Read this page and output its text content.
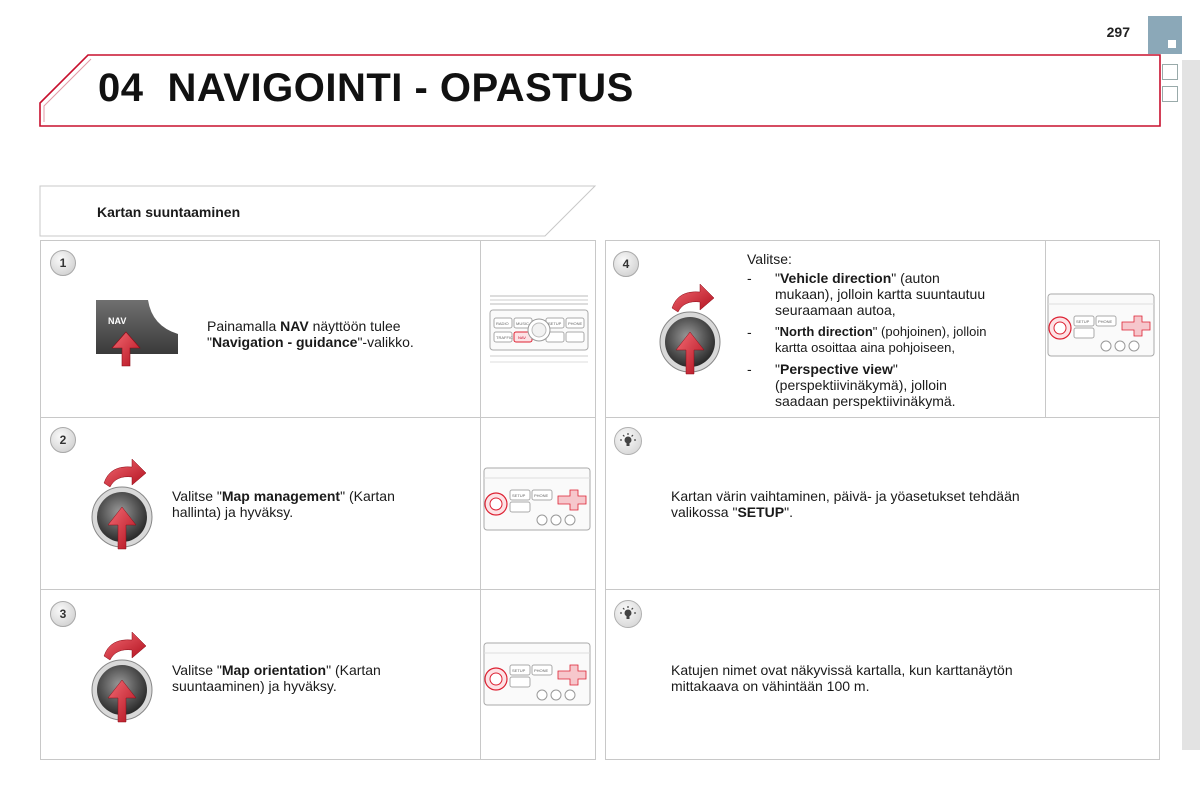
297
04 NAVIGOINTI - OPASTUS
Kartan suuntaaminen
1
2
3
4
NAV	Painamalla NAV näyttöön tulee
"Navigation - guidance"-valikko.
RADIO MUSIC	SETUP PHONE
TRAFFIC NAV
Valitse "Map management" (Kartan
hallinta) ja hyväksy.
Valitse "Map orientation" (Kartan
suuntaaminen) ja hyväksy.
SETUP PHONE
SETUP PHONE
SETUP PHONE
Valitse:
- "Vehicle direction" (auton
mukaan), jolloin kartta suuntautuu
seuraamaan autoa,
- "North direction" (pohjoinen), jolloin
kartta osoittaa aina pohjoiseen,
- "Perspective view"
(perspektiivinäkymä), jolloin
saadaan perspektiivinäkymä.
Kartan värin vaihtaminen, päivä- ja yöasetukset tehdään
valikossa "SETUP".
Katujen nimet ovat näkyvissä kartalla, kun karttanäytön
mittakaava on vähintään 100 m.
